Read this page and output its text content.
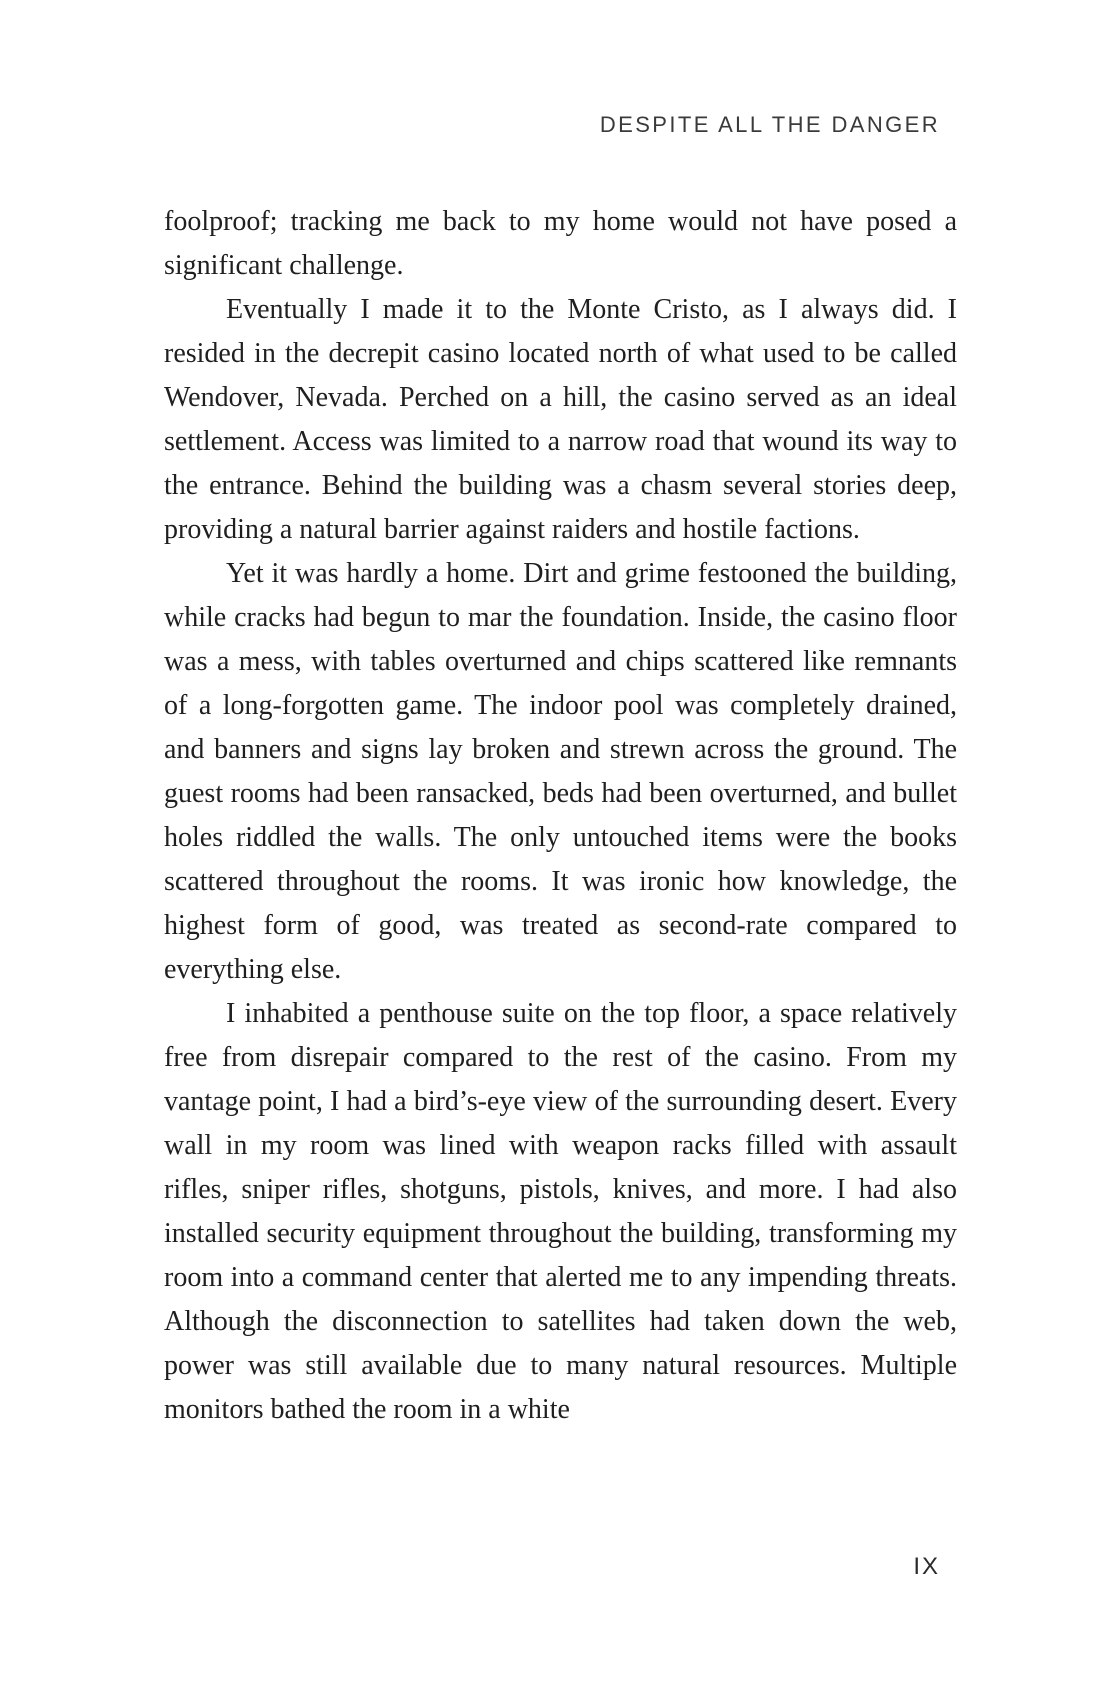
DESPITE ALL THE DANGER

foolproof; tracking me back to my home would not have posed a significant challenge.

Eventually I made it to the Monte Cristo, as I always did. I resided in the decrepit casino located north of what used to be called Wendover, Nevada. Perched on a hill, the casino served as an ideal settlement. Access was limited to a narrow road that wound its way to the entrance. Behind the building was a chasm several stories deep, providing a natural barrier against raiders and hostile factions.

Yet it was hardly a home. Dirt and grime festooned the building, while cracks had begun to mar the foundation. Inside, the casino floor was a mess, with tables overturned and chips scattered like remnants of a long-forgotten game. The indoor pool was completely drained, and banners and signs lay broken and strewn across the ground. The guest rooms had been ransacked, beds had been overturned, and bullet holes riddled the walls. The only untouched items were the books scattered throughout the rooms. It was ironic how knowledge, the highest form of good, was treated as second-rate compared to everything else.

I inhabited a penthouse suite on the top floor, a space relatively free from disrepair compared to the rest of the casino. From my vantage point, I had a bird’s-eye view of the surrounding desert. Every wall in my room was lined with weapon racks filled with assault rifles, sniper rifles, shotguns, pistols, knives, and more. I had also installed security equipment throughout the building, transforming my room into a command center that alerted me to any impending threats. Although the disconnection to satellites had taken down the web, power was still available due to many natural resources. Multiple monitors bathed the room in a white

IX
